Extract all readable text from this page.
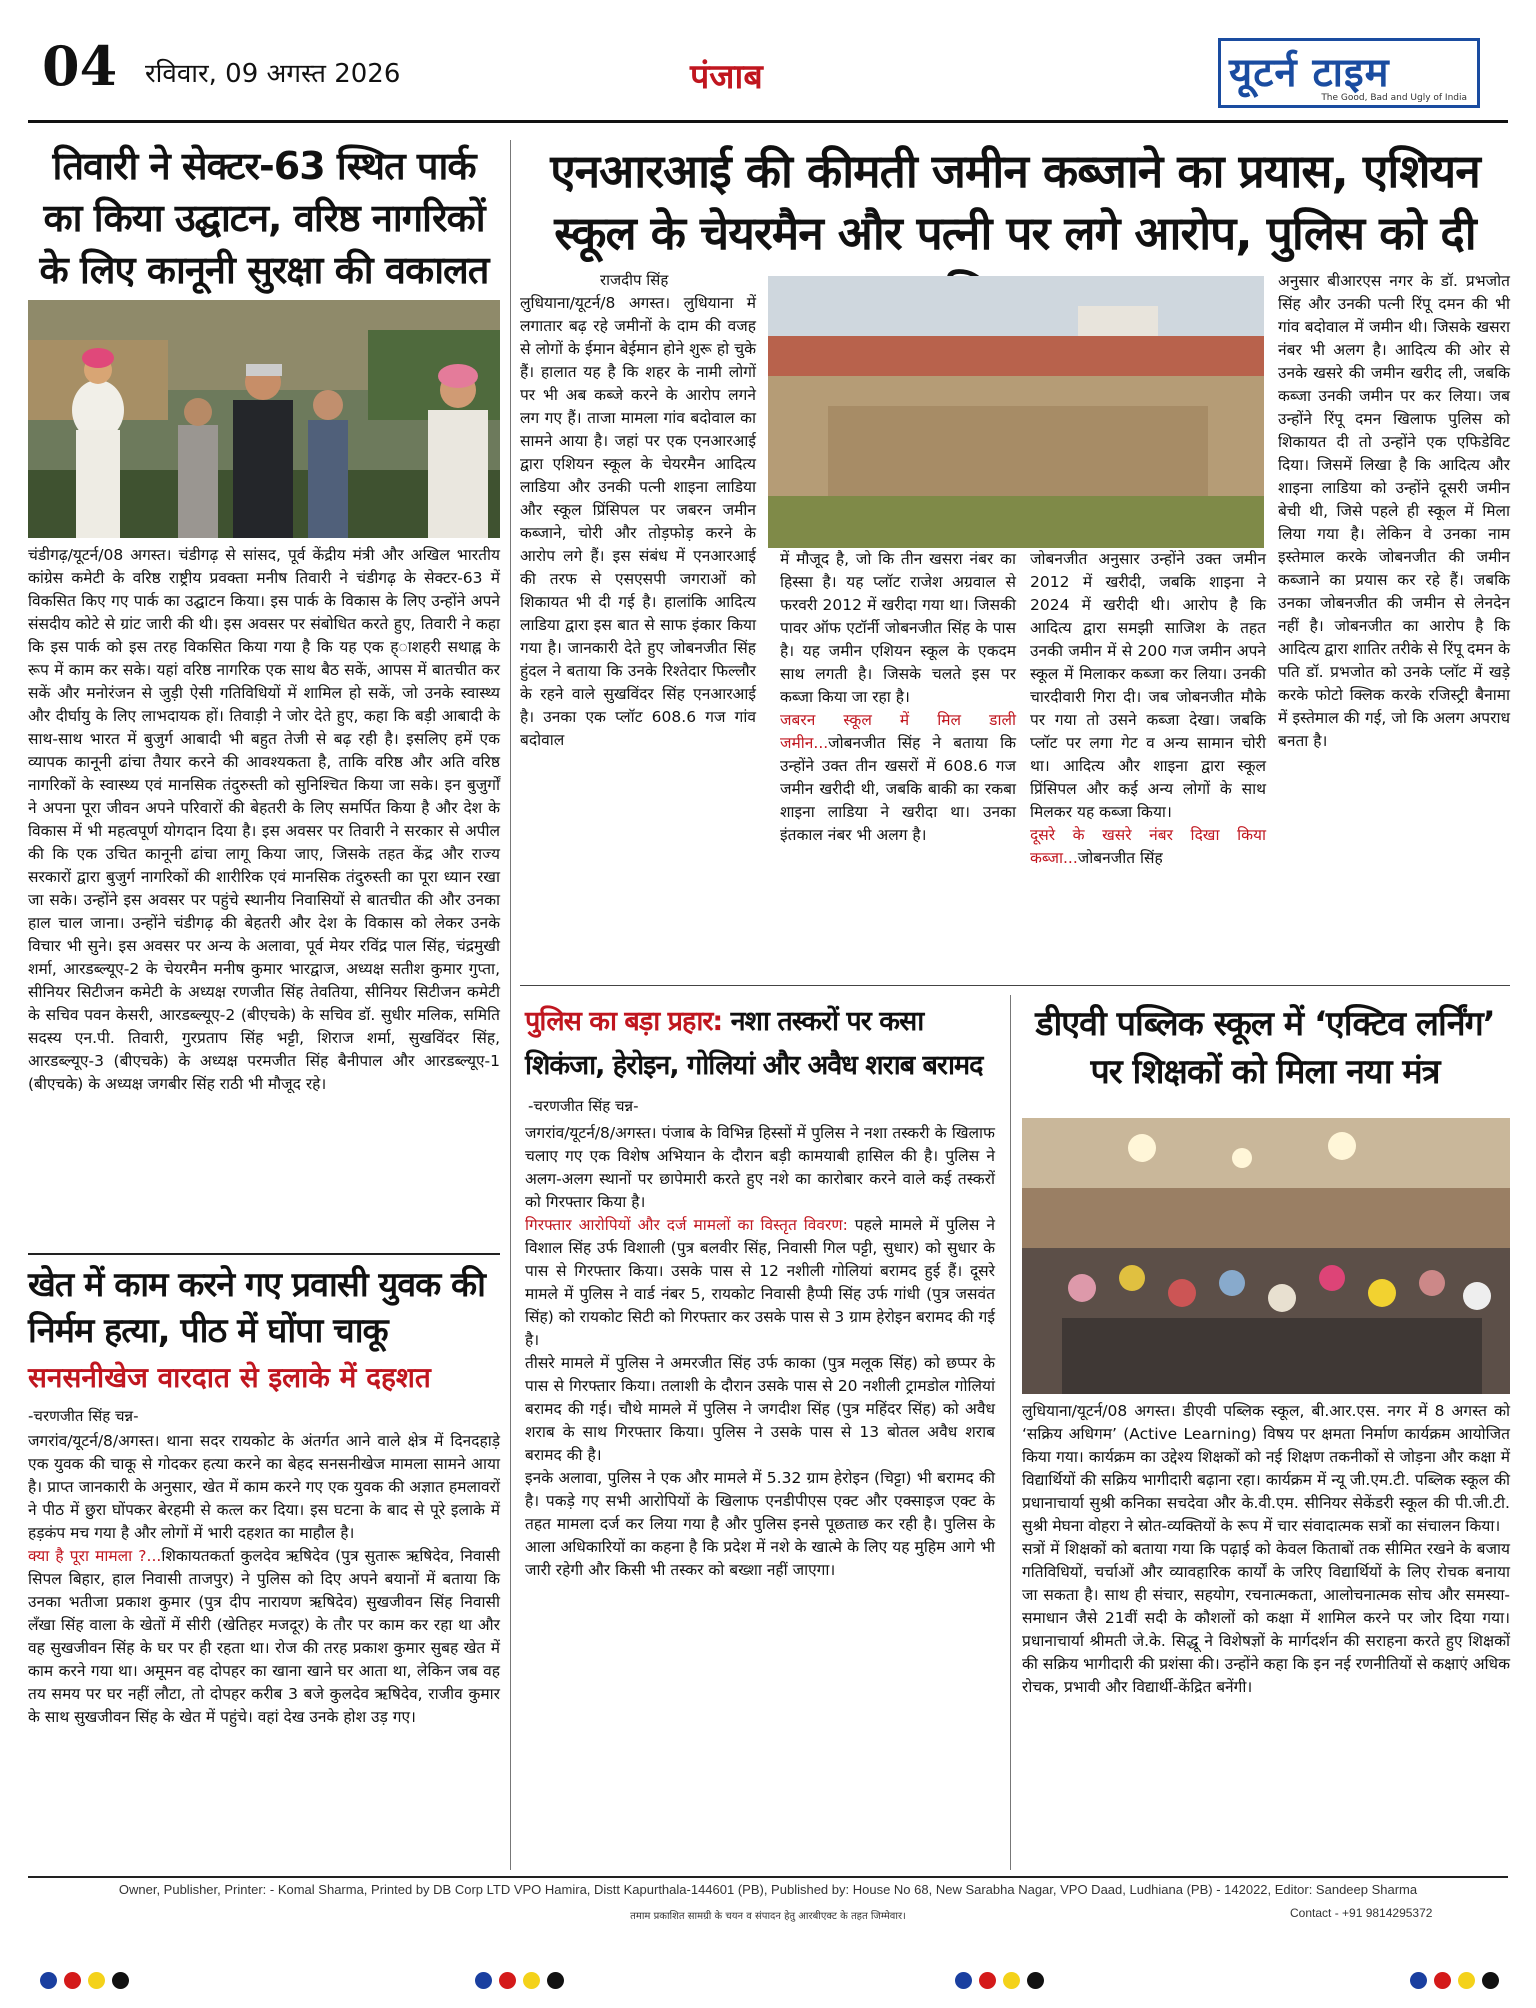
04 रविवार, 09 अगस्त 2026	पंजाब	यूटर्न टाइम
The Good, Bad and Ugly of India
तिवारी ने सेक्टर-63 स्थित पार्क का किया उद्घाटन, वरिष्ठ नागरिकों के लिए कानूनी सुरक्षा की वकालत
चंडीगढ़/यूटर्न/08 अगस्त। चंडीगढ़ से सांसद, पूर्व केंद्रीय मंत्री और अखिल भारतीय कांग्रेस कमेटी के वरिष्ठ राष्ट्रीय प्रवक्ता मनीष तिवारी ने चंडीगढ़ के सेक्टर-63 में विकसित किए गए पार्क का उद्घाटन किया। इस पार्क के विकास के लिए उन्होंने अपने संसदीय कोटे से ग्रांट जारी की थी। इस अवसर पर संबोधित करते हुए, तिवारी ने कहा कि इस पार्क को इस तरह विकसित किया गया है कि यह एक ह्ाशहरी सथाह्न के रूप में काम कर सके। यहां वरिष्ठ नागरिक एक साथ बैठ सकें, आपस में बातचीत कर सकें और मनोरंजन से जुड़ी ऐसी गतिविधियों में शामिल हो सकें, जो उनके स्वास्थ्य और दीर्घायु के लिए लाभदायक हों। तिवाड़ी ने जोर देते हुए, कहा कि बड़ी आबादी के साथ-साथ भारत में बुजुर्ग आबादी भी बहुत तेजी से बढ़ रही है। इसलिए हमें एक व्यापक कानूनी ढांचा तैयार करने की आवश्यकता है, ताकि वरिष्ठ और अति वरिष्ठ नागरिकों के स्वास्थ्य एवं मानसिक तंदुरुस्ती को सुनिश्चित किया जा सके। इन बुजुर्गों ने अपना पूरा जीवन अपने परिवारों की बेहतरी के लिए समर्पित किया है और देश के विकास में भी महत्वपूर्ण योगदान दिया है। इस अवसर पर तिवारी ने सरकार से अपील की कि एक उचित कानूनी ढांचा लागू किया जाए, जिसके तहत केंद्र और राज्य सरकारों द्वारा बुजुर्ग नागरिकों की शारीरिक एवं मानसिक तंदुरुस्ती का पूरा ध्यान रखा जा सके। उन्होंने इस अवसर पर पहुंचे स्थानीय निवासियों से बातचीत की और उनका हाल चाल जाना। उन्होंने चंडीगढ़ की बेहतरी और देश के विकास को लेकर उनके विचार भी सुने। इस अवसर पर अन्य के अलावा, पूर्व मेयर रविंद्र पाल सिंह, चंद्रमुखी शर्मा, आरडब्ल्यूए-2 के चेयरमैन मनीष कुमार भारद्वाज, अध्यक्ष सतीश कुमार गुप्ता, सीनियर सिटीजन कमेटी के अध्यक्ष रणजीत सिंह तेवतिया, सीनियर सिटीजन कमेटी के सचिव पवन केसरी, आरडब्ल्यूए-2 (बीएचके) के सचिव डॉ. सुधीर मलिक, समिति सदस्य एन.पी. तिवारी, गुरप्रताप सिंह भट्टी, शिराज शर्मा, सुखविंदर सिंह, आरडब्ल्यूए-3 (बीएचके) के अध्यक्ष परमजीत सिंह बैनीपाल और आरडब्ल्यूए-1 (बीएचके) के अध्यक्ष जगबीर सिंह राठी भी मौजूद रहे।
खेत में काम करने गए प्रवासी युवक की निर्मम हत्या, पीठ में घोंपा चाकू
सनसनीखेज वारदात से इलाके में दहशत
-चरणजीत सिंह चन्न-
जगरांव/यूटर्न/8/अगस्त। थाना सदर रायकोट के अंतर्गत आने वाले क्षेत्र में दिनदहाड़े एक युवक की चाकू से गोदकर हत्या करने का बेहद सनसनीखेज मामला सामने आया है। प्राप्त जानकारी के अनुसार, खेत में काम करने गए एक युवक की अज्ञात हमलावरों ने पीठ में छुरा घोंपकर बेरहमी से कत्ल कर दिया। इस घटना के बाद से पूरे इलाके में हड़कंप मच गया है और लोगों में भारी दहशत का माहौल है।
क्या है पूरा मामला ?...शिकायतकर्ता कुलदेव ऋषिदेव (पुत्र सुतारू ऋषिदेव, निवासी सिपल बिहार, हाल निवासी ताजपुर) ने पुलिस को दिए अपने बयानों में बताया कि उनका भतीजा प्रकाश कुमार (पुत्र दीप नारायण ऋषिदेव) सुखजीवन सिंह निवासी लँखा सिंह वाला के खेतों में सीरी (खेतिहर मजदूर) के तौर पर काम कर रहा था और वह सुखजीवन सिंह के घर पर ही रहता था। रोज की तरह प्रकाश कुमार सुबह खेत में काम करने गया था। अमूमन वह दोपहर का खाना खाने घर आता था, लेकिन जब वह तय समय पर घर नहीं लौटा, तो दोपहर करीब 3 बजे कुलदेव ऋषिदेव, राजीव कुमार के साथ सुखजीवन सिंह के खेत में पहुंचे। वहां देख उनके होश उड़ गए।
एनआरआई की कीमती जमीन कब्जाने का प्रयास, एशियन स्कूल के चेयरमैन और पत्नी पर लगे आरोप, पुलिस को दी
राजदीप सिंह
लुधियाना/यूटर्न/8 अगस्त। लुधियाना में लगातार बढ़ रहे जमीनों के दाम की वजह से लोगों के ईमान बेईमान होने शुरू हो चुके हैं। हालात यह है कि शहर के नामी लोगों पर भी अब कब्जे करने के आरोप लगने लग गए हैं। ताजा मामला गांव बदोवाल का सामने आया है। जहां पर एक एनआरआई द्वारा एशियन स्कूल के चेयरमैन आदित्य लाडिया और उनकी पत्नी शाइना लाडिया और स्कूल प्रिंसिपल पर जबरन जमीन कब्जाने, चोरी और तोड़फोड़ करने के आरोप लगे हैं। इस संबंध में एनआरआई की तरफ से एसएसपी जगराओं को शिकायत भी दी गई है। हालांकि आदित्य लाडिया द्वारा इस बात से साफ इंकार किया गया है। जानकारी देते हुए जोबनजीत सिंह हुंदल ने बताया कि उनके रिश्तेदार फिल्लौर के रहने वाले सुखविंदर सिंह एनआरआई है। उनका एक प्लॉट 608.6 गज गांव बदोवाल
में मौजूद है, जो कि तीन खसरा नंबर का हिस्सा है। यह प्लॉट राजेश अग्रवाल से फरवरी 2012 में खरीदा गया था। जिसकी पावर ऑफ एटॉर्नी जोबनजीत सिंह के पास है। यह जमीन एशियन स्कूल के एकदम साथ लगती है। जिसके चलते इस पर कब्जा किया जा रहा है।
जबरन स्कूल में मिल डाली जमीन...जोबनजीत सिंह ने बताया कि उन्होंने उक्त तीन खसरों में 608.6 गज जमीन खरीदी थी, जबकि बाकी का रकबा शाइना लाडिया ने खरीदा था। उनका इंतकाल नंबर भी अलग है।
जोबनजीत अनुसार उन्होंने उक्त जमीन 2012 में खरीदी, जबकि शाइना ने 2024 में खरीदी थी। आरोप है कि आदित्य द्वारा समझी साजिश के तहत उनकी जमीन में से 200 गज जमीन अपने स्कूल में मिलाकर कब्जा कर लिया। उनकी चारदीवारी गिरा दी। जब जोबनजीत मौके पर गया तो उसने कब्जा देखा। जबकि प्लॉट पर लगा गेट व अन्य सामान चोरी था। आदित्य और शाइना द्वारा स्कूल प्रिंसिपल और कई अन्य लोगों के साथ मिलकर यह कब्जा किया।
दूसरे के खसरे नंबर दिखा किया कब्जा...जोबनजीत सिंह
अनुसार बीआरएस नगर के डॉ. प्रभजोत सिंह और उनकी पत्नी रिंपू दमन की भी गांव बदोवाल में जमीन थी। जिसके खसरा नंबर भी अलग है। आदित्य की ओर से उनके खसरे की जमीन खरीद ली, जबकि कब्जा उनकी जमीन पर कर लिया। जब उन्होंने रिंपू दमन खिलाफ पुलिस को शिकायत दी तो उन्होंने एक एफिडेविट दिया। जिसमें लिखा है कि आदित्य और शाइना लाडिया को उन्होंने दूसरी जमीन बेची थी, जिसे पहले ही स्कूल में मिला लिया गया है। लेकिन वे उनका नाम इस्तेमाल करके जोबनजीत की जमीन कब्जाने का प्रयास कर रहे हैं। जबकि उनका जोबनजीत की जमीन से लेनदेन नहीं है। जोबनजीत का आरोप है कि आदित्य द्वारा शातिर तरीके से रिंपू दमन के पति डॉ. प्रभजोत को उनके प्लॉट में खड़े करके फोटो क्लिक करके रजिस्ट्री बैनामा में इस्तेमाल की गई, जो कि अलग अपराध बनता है।
पुलिस का बड़ा प्रहार: नशा तस्करों पर कसा शिकंजा, हेरोइन, गोलियां और अवैध शराब बरामद
-चरणजीत सिंह चन्न-
जगरांव/यूटर्न/8/अगस्त। पंजाब के विभिन्न हिस्सों में पुलिस ने नशा तस्करी के खिलाफ चलाए गए एक विशेष अभियान के दौरान बड़ी कामयाबी हासिल की है। पुलिस ने अलग-अलग स्थानों पर छापेमारी करते हुए नशे का कारोबार करने वाले कई तस्करों को गिरफ्तार किया है।
गिरफ्तार आरोपियों और दर्ज मामलों का विस्तृत विवरण: पहले मामले में पुलिस ने विशाल सिंह उर्फ विशाली (पुत्र बलवीर सिंह, निवासी गिल पट्टी, सुधार) को सुधार के पास से गिरफ्तार किया। उसके पास से 12 नशीली गोलियां बरामद हुई हैं। दूसरे मामले में पुलिस ने वार्ड नंबर 5, रायकोट निवासी हैप्पी सिंह उर्फ गांधी (पुत्र जसवंत सिंह) को रायकोट सिटी को गिरफ्तार कर उसके पास से 3 ग्राम हेरोइन बरामद की गई है।
तीसरे मामले में पुलिस ने अमरजीत सिंह उर्फ काका (पुत्र मलूक सिंह) को छप्पर के पास से गिरफ्तार किया। तलाशी के दौरान उसके पास से 20 नशीली ट्रामडोल गोलियां बरामद की गई। चौथे मामले में पुलिस ने जगदीश सिंह (पुत्र महिंदर सिंह) को अवैध शराब के साथ गिरफ्तार किया। पुलिस ने उसके पास से 13 बोतल अवैध शराब बरामद की है।
इनके अलावा, पुलिस ने एक और मामले में 5.32 ग्राम हेरोइन (चिट्टा) भी बरामद की है। पकड़े गए सभी आरोपियों के खिलाफ एनडीपीएस एक्ट और एक्साइज एक्ट के तहत मामला दर्ज कर लिया गया है और पुलिस इनसे पूछताछ कर रही है। पुलिस के आला अधिकारियों का कहना है कि प्रदेश में नशे के खात्मे के लिए यह मुहिम आगे भी जारी रहेगी और किसी भी तस्कर को बख्शा नहीं जाएगा।
डीएवी पब्लिक स्कूल में ‘एक्टिव लर्निंग’ पर शिक्षकों को मिला नया मंत्र
लुधियाना/यूटर्न/08 अगस्त। डीएवी पब्लिक स्कूल, बी.आर.एस. नगर में 8 अगस्त को ‘सक्रिय अधिगम’ (Active Learning) विषय पर क्षमता निर्माण कार्यक्रम आयोजित किया गया। कार्यक्रम का उद्देश्य शिक्षकों को नई शिक्षण तकनीकों से जोड़ना और कक्षा में विद्यार्थियों की सक्रिय भागीदारी बढ़ाना रहा। कार्यक्रम में न्यू जी.एम.टी. पब्लिक स्कूल की प्रधानाचार्या सुश्री कनिका सचदेवा और के.वी.एम. सीनियर सेकेंडरी स्कूल की पी.जी.टी. सुश्री मेघना वोहरा ने स्रोत-व्यक्तियों के रूप में चार संवादात्मक सत्रों का संचालन किया।
सत्रों में शिक्षकों को बताया गया कि पढ़ाई को केवल किताबों तक सीमित रखने के बजाय गतिविधियों, चर्चाओं और व्यावहारिक कार्यों के जरिए विद्यार्थियों के लिए रोचक बनाया जा सकता है। साथ ही संचार, सहयोग, रचनात्मकता, आलोचनात्मक सोच और समस्या-समाधान जैसे 21वीं सदी के कौशलों को कक्षा में शामिल करने पर जोर दिया गया। प्रधानाचार्या श्रीमती जे.के. सिद्धू ने विशेषज्ञों के मार्गदर्शन की सराहना करते हुए शिक्षकों की सक्रिय भागीदारी की प्रशंसा की। उन्होंने कहा कि इन नई रणनीतियों से कक्षाएं अधिक रोचक, प्रभावी और विद्यार्थी-केंद्रित बनेंगी।
Owner, Publisher, Printer: - Komal Sharma, Printed by DB Corp LTD VPO Hamira, Distt Kapurthala-144601 (PB), Published by: House No 68, New Sarabha Nagar, VPO Daad, Ludhiana (PB) - 142022, Editor: Sandeep Sharma
तमाम प्रकाशित सामग्री के चयन व संपादन हेतु आरबीएक्ट के तहत जिम्मेवार।	Contact - +91 9814295372
